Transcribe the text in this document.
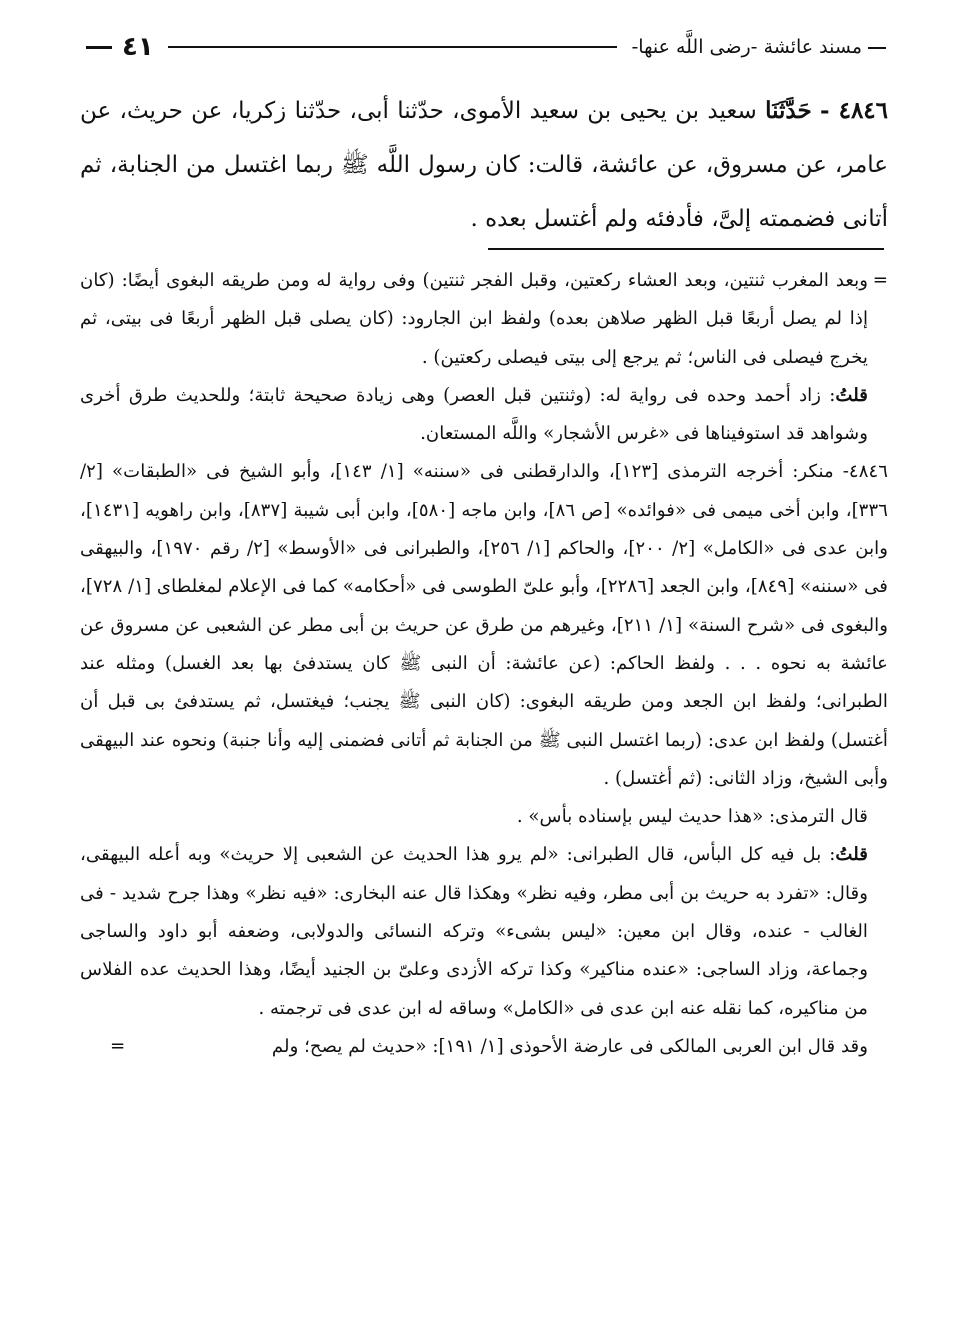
مسند عائشة -رضى اللَّه عنها-
٤١
٤٨٤٦ - حَدَّثَنَا سعيد بن يحيى بن سعيد الأموى، حدّثنا أبى، حدّثنا زكريا، عن حريث، عن عامر، عن مسروق، عن عائشة، قالت: كان رسول اللَّه ﷺ ربما اغتسل من الجنابة، ثم أتانى فضممته إلىَّ، فأدفئه ولم أغتسل بعده .

=
وبعد المغرب ثنتين، وبعد العشاء ركعتين، وقبل الفجر ثنتين) وفى رواية له ومن طريقه البغوى أيضًا: (كان إذا لم يصل أربعًا قبل الظهر صلاهن بعده) ولفظ ابن الجارود: (كان يصلى قبل الظهر أربعًا فى بيتى، ثم يخرج فيصلى فى الناس؛ ثم يرجع إلى بيتى فيصلى ركعتين) .

قلتُ: زاد أحمد وحده فى رواية له: (وثنتين قبل العصر) وهى زيادة صحيحة ثابتة؛ وللحديث طرق أخرى وشواهد قد استوفيناها فى «غرس الأشجار» واللَّه المستعان.

٤٨٤٦- منكر: أخرجه الترمذى [١٢٣]، والدارقطنى فى «سننه» [١/ ١٤٣]، وأبو الشيخ فى «الطبقات» [٢/ ٣٣٦]، وابن أخى ميمى فى «فوائده» [ص ٨٦]، وابن ماجه [٥٨٠]، وابن أبى شيبة [٨٣٧]، وابن راهويه [١٤٣١]، وابن عدى فى «الكامل» [٢/ ٢٠٠]، والحاكم [١/ ٢٥٦]، والطبرانى فى «الأوسط» [٢/ رقم ١٩٧٠]، والبيهقى فى «سننه» [٨٤٩]، وابن الجعد [٢٢٨٦]، وأبو علىّ الطوسى فى «أحكامه» كما فى الإعلام لمغلطاى [١/ ٧٢٨]، والبغوى فى «شرح السنة» [١/ ٢١١]، وغيرهم من طرق عن حريث بن أبى مطر عن الشعبى عن مسروق عن عائشة به نحوه . . . ولفظ الحاكم: (عن عائشة: أن النبى ﷺ كان يستدفئ بها بعد الغسل) ومثله عند الطبرانى؛ ولفظ ابن الجعد ومن طريقه البغوى: (كان النبى ﷺ يجنب؛ فيغتسل، ثم يستدفئ بى قبل أن أغتسل) ولفظ ابن عدى: (ربما اغتسل النبى ﷺ من الجنابة ثم أتانى فضمنى إليه وأنا جنبة) ونحوه عند البيهقى وأبى الشيخ، وزاد الثانى: (ثم أغتسل) .

قال الترمذى: «هذا حديث ليس بإسناده بأس» .

قلتُ: بل فيه كل البأس، قال الطبرانى: «لم يرو هذا الحديث عن الشعبى إلا حريث» وبه أعله البيهقى، وقال: «تفرد به حريث بن أبى مطر، وفيه نظر» وهكذا قال عنه البخارى: «فيه نظر» وهذا جرح شديد - فى الغالب - عنده، وقال ابن معين: «ليس بشىء» وتركه النسائى والدولابى، وضعفه أبو داود والساجى وجماعة، وزاد الساجى: «عنده مناكير» وكذا تركه الأزدى وعلىّ بن الجنيد أيضًا، وهذا الحديث عده الفلاس من مناكيره، كما نقله عنه ابن عدى فى «الكامل» وساقه له ابن عدى فى ترجمته .

وقد قال ابن العربى المالكى فى عارضة الأحوذى [١/ ١٩١]: «حديث لم يصح؛ ولم
=
